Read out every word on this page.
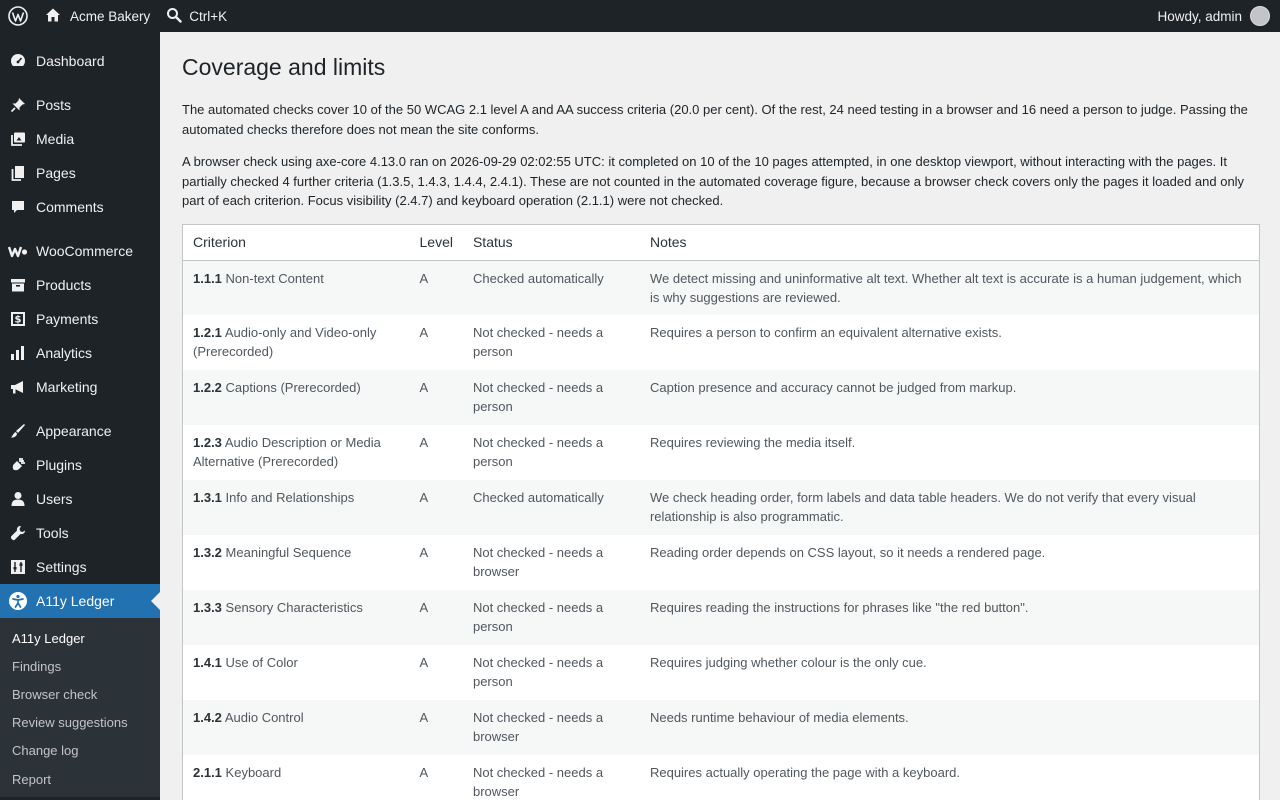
Acme Bakery	Ctrl+K	Howdy, admin
Dashboard
Posts
Media
Pages
Comments
WooCommerce
Products
$ Payments
Analytics
Marketing
Appearance
Plugins
Users
Tools
Settings
A11y Ledger
A11y Ledger
Findings
Browser check
Review suggestions
Change log
Report
Coverage and limits

The automated checks cover 10 of the 50 WCAG 2.1 level A and AA success criteria (20.0 per cent). Of the rest, 24 need testing in a browser and 16 need a person to judge. Passing the automated checks therefore does not mean the site conforms.

A browser check using axe-core 4.13.0 ran on 2026-09-29 02:02:55 UTC: it completed on 10 of the 10 pages attempted, in one desktop viewport, without interacting with the pages. It partially checked 4 further criteria (1.3.5, 1.4.3, 1.4.4, 2.4.1). These are not counted in the automated coverage figure, because a browser check covers only the pages it loaded and only part of each criterion. Focus visibility (2.4.7) and keyboard operation (2.1.1) were not checked.

Criterion	Level	Status	Notes
1.1.1 Non-text Content	A	Checked automatically	We detect missing and uninformative alt text. Whether alt text is accurate is a human judgement, which is why suggestions are reviewed.
1.2.1 Audio-only and Video-only (Prerecorded)	A	Not checked - needs a person	Requires a person to confirm an equivalent alternative exists.
1.2.2 Captions (Prerecorded)	A	Not checked - needs a person	Caption presence and accuracy cannot be judged from markup.
1.2.3 Audio Description or Media Alternative (Prerecorded)	A	Not checked - needs a person	Requires reviewing the media itself.
1.3.1 Info and Relationships	A	Checked automatically	We check heading order, form labels and data table headers. We do not verify that every visual relationship is also programmatic.
1.3.2 Meaningful Sequence	A	Not checked - needs a browser	Reading order depends on CSS layout, so it needs a rendered page.
1.3.3 Sensory Characteristics	A	Not checked - needs a person	Requires reading the instructions for phrases like "the red button".
1.4.1 Use of Color	A	Not checked - needs a person	Requires judging whether colour is the only cue.
1.4.2 Audio Control	A	Not checked - needs a browser	Needs runtime behaviour of media elements.
2.1.1 Keyboard	A	Not checked - needs a browser	Requires actually operating the page with a keyboard.
